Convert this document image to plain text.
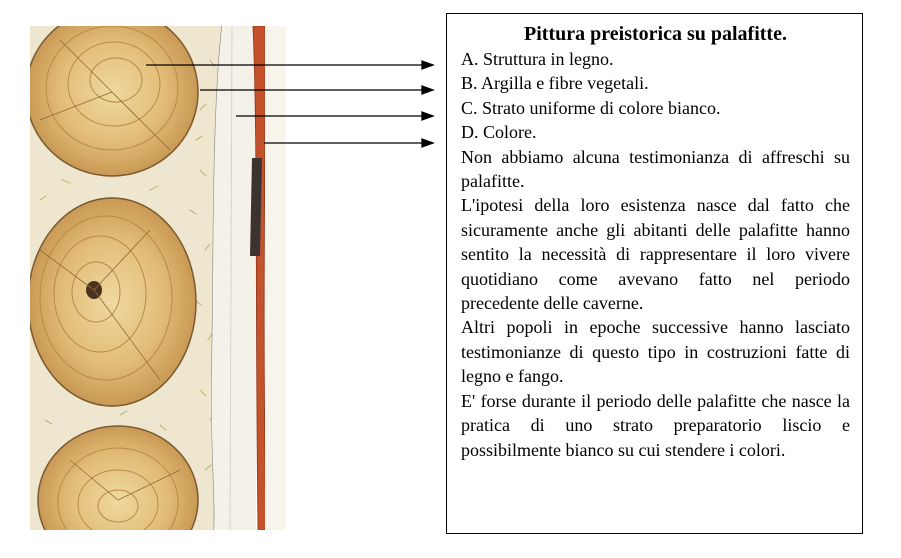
Pittura preistorica su palafitte.
A. Struttura in legno.
B. Argilla e fibre vegetali.
C. Strato uniforme di colore bianco.
D. Colore.

Non abbiamo alcuna testimonianza di affreschi su palafitte.

L'ipotesi della loro esistenza nasce dal fatto che sicuramente anche gli abitanti delle palafitte hanno sentito la necessità di rappresentare il loro vivere quotidiano come avevano fatto nel periodo precedente delle caverne.

Altri popoli in epoche successive hanno lasciato testimonianze di questo tipo in costruzioni fatte di legno e fango.

E' forse durante il periodo delle palafitte che nasce la pratica di uno strato preparatorio liscio e possibilmente bianco su cui stendere i colori.
